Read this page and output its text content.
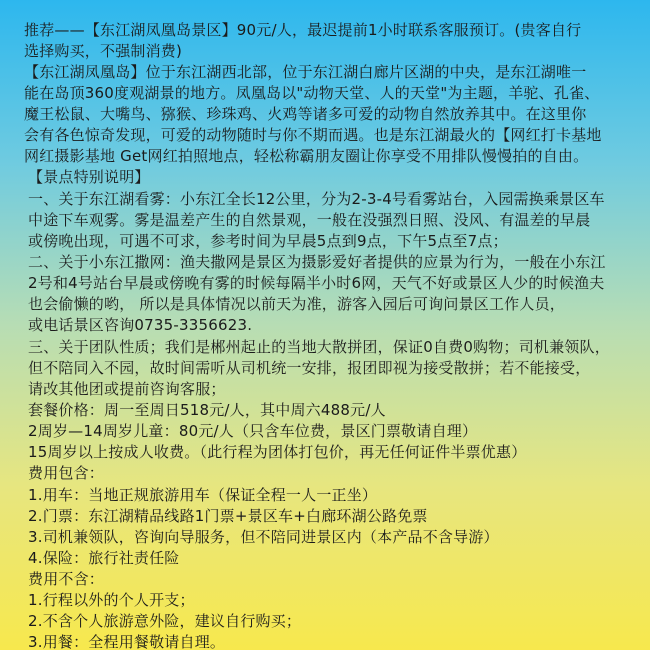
推荐——【东江湖凤凰岛景区】90元/人，最迟提前1小时联系客服预订。(贵客自行
选择购买，不强制消费)
【东江湖凤凰岛】位于东江湖西北部，位于东江湖白廊片区湖的中央，是东江湖唯一
能在岛顶360度观湖景的地方。凤凰岛以"动物天堂、人的天堂"为主题，羊驼、孔雀、
魔王松鼠、大嘴鸟、猕猴、珍珠鸡、火鸡等诸多可爱的动物自然放养其中。在这里你
会有各色惊奇发现，可爱的动物随时与你不期而遇。也是东江湖最火的【网红打卡基地
网红摄影基地 Get网红拍照地点，轻松称霸朋友圈让你享受不用排队慢慢拍的自由。
【景点特别说明】
一、关于东江湖看雾：小东江全长12公里，分为2-3-4号看雾站台，入园需换乘景区车
中途下车观雾。雾是温差产生的自然景观，一般在没强烈日照、没风、有温差的早晨
或傍晚出现，可遇不可求，参考时间为早晨5点到9点，下午5点至7点；
二、关于小东江撒网：渔夫撒网是景区为摄影爱好者提供的应景为行为，一般在小东江
2号和4号站台早晨或傍晚有雾的时候每隔半小时6网，天气不好或景区人少的时候渔夫
也会偷懒的哟， 所以是具体情况以前天为准，游客入园后可询问景区工作人员，
或电话景区咨询0735-3356623.
三、关于团队性质；我们是郴州起止的当地大散拼团，保证0自费0购物；司机兼领队，
但不陪同入不园，故时间需听从司机统一安排，报团即视为接受散拼；若不能接受，
请改其他团或提前咨询客服；
套餐价格：周一至周日518元/人，其中周六488元/人
2周岁—14周岁儿童：80元/人（只含车位费，景区门票敬请自理）
15周岁以上按成人收费。（此行程为团体打包价，再无任何证件半票优惠）
费用包含：
1.用车：当地正规旅游用车（保证全程一人一正坐）
2.门票：东江湖精品线路1门票+景区车+白廊环湖公路免票
3.司机兼领队，咨询向导服务，但不陪同进景区内（本产品不含导游）
4.保险：旅行社责任险
费用不含：
1.行程以外的个人开支；
2.不含个人旅游意外险，建议自行购买；
3.用餐：全程用餐敬请自理。
